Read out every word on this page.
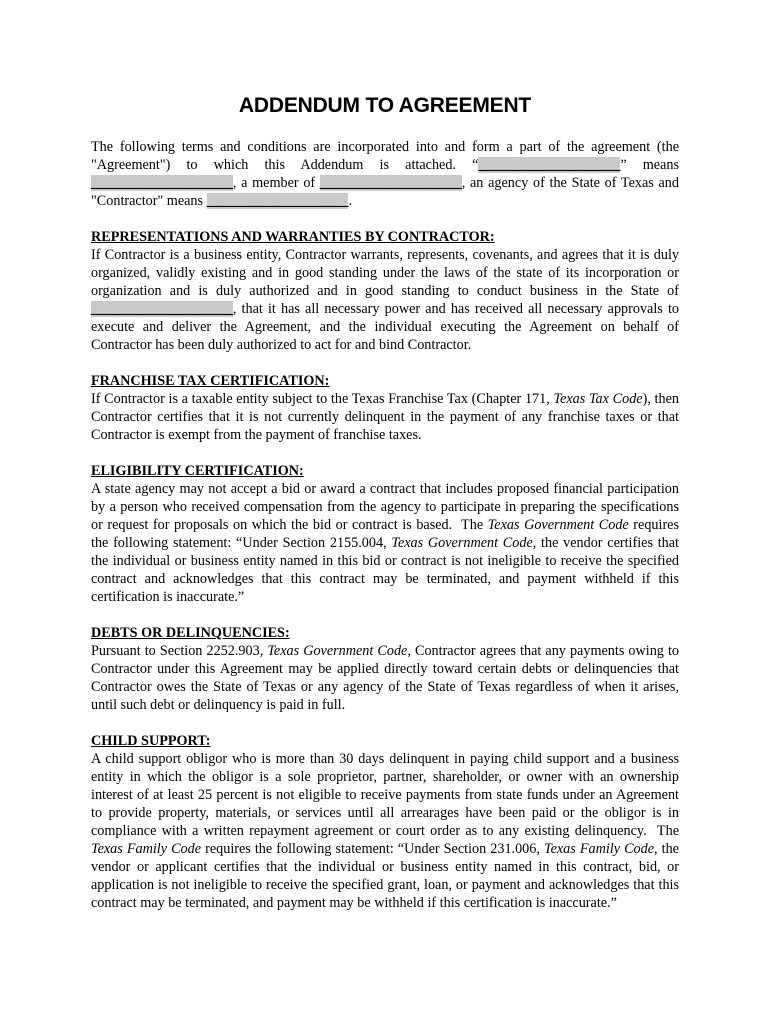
ADDENDUM TO AGREEMENT

The following terms and conditions are incorporated into and form a part of the agreement (the "Agreement") to which this Addendum is attached. “____________________” means ____________________, a member of ____________________, an agency of the State of Texas and "Contractor" means ____________________.

REPRESENTATIONS AND WARRANTIES BY CONTRACTOR:

If Contractor is a business entity, Contractor warrants, represents, covenants, and agrees that it is duly organized, validly existing and in good standing under the laws of the state of its incorporation or organization and is duly authorized and in good standing to conduct business in the State of ____________________, that it has all necessary power and has received all necessary approvals to execute and deliver the Agreement, and the individual executing the Agreement on behalf of Contractor has been duly authorized to act for and bind Contractor.

FRANCHISE TAX CERTIFICATION:

If Contractor is a taxable entity subject to the Texas Franchise Tax (Chapter 171, Texas Tax Code), then Contractor certifies that it is not currently delinquent in the payment of any franchise taxes or that Contractor is exempt from the payment of franchise taxes.

ELIGIBILITY CERTIFICATION:

A state agency may not accept a bid or award a contract that includes proposed financial participation by a person who received compensation from the agency to participate in preparing the specifications or request for proposals on which the bid or contract is based.  The Texas Government Code requires the following statement: “Under Section 2155.004, Texas Government Code, the vendor certifies that the individual or business entity named in this bid or contract is not ineligible to receive the specified contract and acknowledges that this contract may be terminated, and payment withheld if this certification is inaccurate.”

DEBTS OR DELINQUENCIES:

Pursuant to Section 2252.903, Texas Government Code, Contractor agrees that any payments owing to Contractor under this Agreement may be applied directly toward certain debts or delinquencies that Contractor owes the State of Texas or any agency of the State of Texas regardless of when it arises, until such debt or delinquency is paid in full.

CHILD SUPPORT:

A child support obligor who is more than 30 days delinquent in paying child support and a business entity in which the obligor is a sole proprietor, partner, shareholder, or owner with an ownership interest of at least 25 percent is not eligible to receive payments from state funds under an Agreement to provide property, materials, or services until all arrearages have been paid or the obligor is in compliance with a written repayment agreement or court order as to any existing delinquency.  The Texas Family Code requires the following statement: “Under Section 231.006, Texas Family Code, the vendor or applicant certifies that the individual or business entity named in this contract, bid, or application is not ineligible to receive the specified grant, loan, or payment and acknowledges that this contract may be terminated, and payment may be withheld if this certification is inaccurate.”
